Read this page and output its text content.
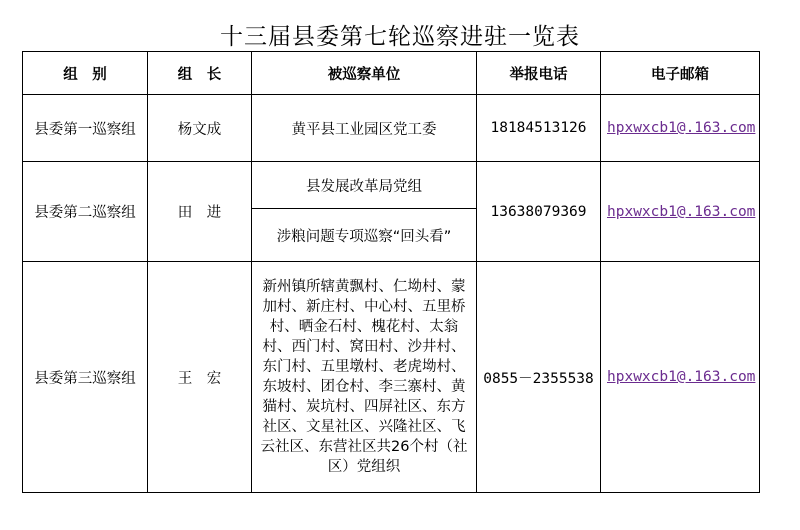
十三届县委第七轮巡察进驻一览表
组　别	组　长	被巡察单位	举报电话	电子邮箱
县委第一巡察组	杨文成	黄平县工业园区党工委	18184513126	hpxwxcb1@.163.com
县委第二巡察组	田　进	县发展改革局党组	13638079369	hpxwxcb1@.163.com
		涉粮问题专项巡察“回头看”		
县委第三巡察组	王　宏	新州镇所辖黄飘村、仁坳村、蒙加村、新庄村、中心村、五里桥村、晒金石村、槐花村、太翁村、西门村、窝田村、沙井村、东门村、五里墩村、老虎坳村、东坡村、团仓村、李三寨村、黄猫村、炭坑村、四屏社区、东方社区、文星社区、兴隆社区、飞云社区、东营社区共26个村（社区）党组织	0855－2355538	hpxwxcb1@.163.com
